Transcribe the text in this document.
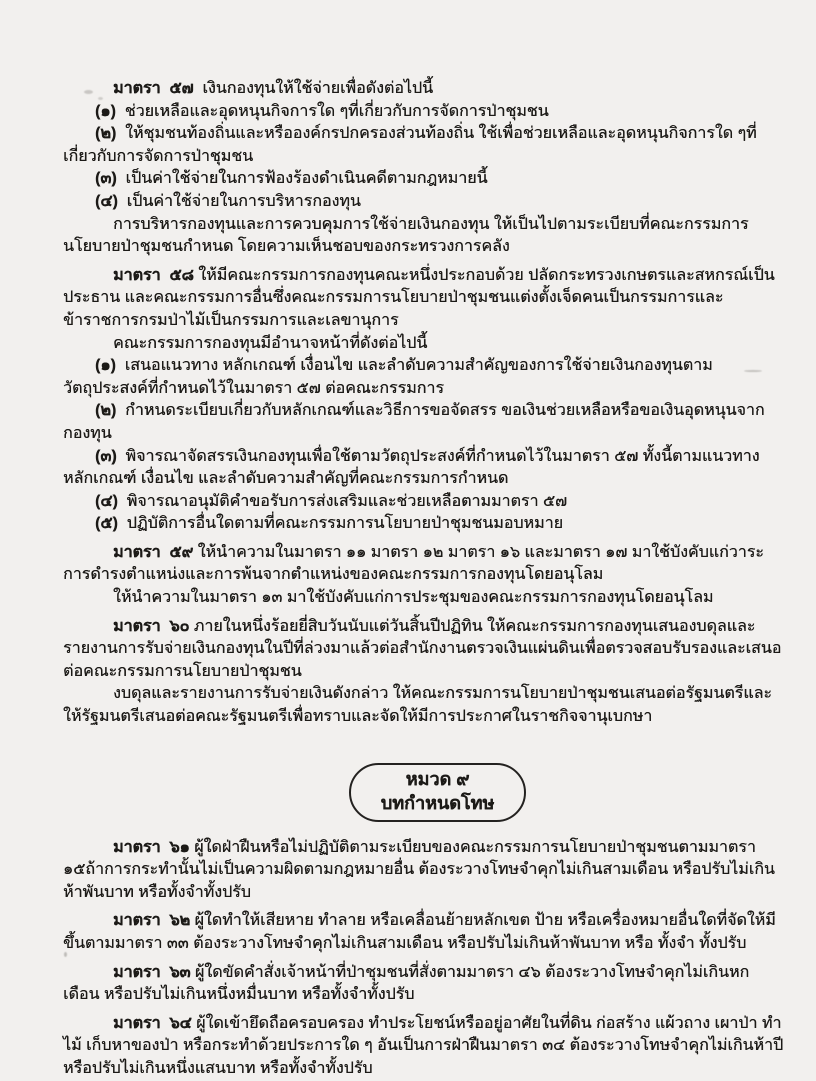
มาตรา  ๕๗  เงินกองทุนให้ใช้จ่ายเพื่อดังต่อไปนี้

(๑)  ช่วยเหลือและอุดหนุนกิจการใด ๆที่เกี่ยวกับการจัดการป่าชุมชน

(๒)  ให้ชุมชนท้องถิ่นและหรือองค์กรปกครองส่วนท้องถิ่น ใช้เพื่อช่วยเหลือและอุดหนุนกิจการใด ๆที่เกี่ยวกับการจัดการป่าชุมชน

(๓)  เป็นค่าใช้จ่ายในการฟ้องร้องดำเนินคดีตามกฎหมายนี้

(๔)  เป็นค่าใช้จ่ายในการบริหารกองทุน

การบริหารกองทุนและการควบคุมการใช้จ่ายเงินกองทุน ให้เป็นไปตามระเบียบที่คณะกรรมการนโยบายป่าชุมชนกำหนด โดยความเห็นชอบของกระทรวงการคลัง

มาตรา  ๕๘ ให้มีคณะกรรมการกองทุนคณะหนึ่งประกอบด้วย ปลัดกระทรวงเกษตรและสหกรณ์เป็นประธาน และคณะกรรมการอื่นซึ่งคณะกรรมการนโยบายป่าชุมชนแต่งตั้งเจ็ดคนเป็นกรรมการและข้าราชการกรมป่าไม้เป็นกรรมการและเลขานุการ

คณะกรรมการกองทุนมีอำนาจหน้าที่ดังต่อไปนี้

(๑)  เสนอแนวทาง หลักเกณฑ์ เงื่อนไข และลำดับความสำคัญของการใช้จ่ายเงินกองทุนตามวัตถุประสงค์ที่กำหนดไว้ในมาตรา ๕๗ ต่อคณะกรรมการ

(๒)  กำหนดระเบียบเกี่ยวกับหลักเกณฑ์และวิธีการขอจัดสรร ขอเงินช่วยเหลือหรือขอเงินอุดหนุนจากกองทุน

(๓)  พิจารณาจัดสรรเงินกองทุนเพื่อใช้ตามวัตถุประสงค์ที่กำหนดไว้ในมาตรา ๕๗ ทั้งนี้ตามแนวทาง หลักเกณฑ์ เงื่อนไข และลำดับความสำคัญที่คณะกรรมการกำหนด

(๔)  พิจารณาอนุมัติคำขอรับการส่งเสริมและช่วยเหลือตามมาตรา ๕๗

(๕)  ปฏิบัติการอื่นใดตามที่คณะกรรมการนโยบายป่าชุมชนมอบหมาย

มาตรา  ๕๙ ให้นำความในมาตรา ๑๑ มาตรา ๑๒ มาตรา ๑๖ และมาตรา ๑๗ มาใช้บังคับแก่วาระการดำรงตำแหน่งและการพ้นจากตำแหน่งของคณะกรรมการกองทุนโดยอนุโลม

ให้นำความในมาตรา ๑๓ มาใช้บังคับแก่การประชุมของคณะกรรมการกองทุนโดยอนุโลม

มาตรา  ๖๐ ภายในหนึ่งร้อยยี่สิบวันนับแต่วันสิ้นปีปฏิทิน ให้คณะกรรมการกองทุนเสนองบดุลและรายงานการรับจ่ายเงินกองทุนในปีที่ล่วงมาแล้วต่อสำนักงานตรวจเงินแผ่นดินเพื่อตรวจสอบรับรองและเสนอต่อคณะกรรมการนโยบายป่าชุมชน

งบดุลและรายงานการรับจ่ายเงินดังกล่าว ให้คณะกรรมการนโยบายป่าชุมชนเสนอต่อรัฐมนตรีและให้รัฐมนตรีเสนอต่อคณะรัฐมนตรีเพื่อทราบและจัดให้มีการประกาศในราชกิจจานุเบกษา

หมวด ๙
บทกำหนดโทษ

มาตรา  ๖๑ ผู้ใดฝ่าฝืนหรือไม่ปฏิบัติตามระเบียบของคณะกรรมการนโยบายป่าชุมชนตามมาตรา ๑๕ถ้าการกระทำนั้นไม่เป็นความผิดตามกฎหมายอื่น ต้องระวางโทษจำคุกไม่เกินสามเดือน หรือปรับไม่เกินห้าพันบาท หรือทั้งจำทั้งปรับ

มาตรา  ๖๒ ผู้ใดทำให้เสียหาย ทำลาย หรือเคลื่อนย้ายหลักเขต ป้าย หรือเครื่องหมายอื่นใดที่จัดให้มีขึ้นตามมาตรา ๓๓ ต้องระวางโทษจำคุกไม่เกินสามเดือน หรือปรับไม่เกินห้าพันบาท หรือ ทั้งจำ ทั้งปรับ

มาตรา  ๖๓ ผู้ใดขัดคำสั่งเจ้าหน้าที่ป่าชุมชนที่สั่งตามมาตรา ๔๖ ต้องระวางโทษจำคุกไม่เกินหกเดือน หรือปรับไม่เกินหนึ่งหมื่นบาท หรือทั้งจำทั้งปรับ

มาตรา  ๖๔ ผู้ใดเข้ายึดถือครอบครอง ทำประโยชน์หรืออยู่อาศัยในที่ดิน ก่อสร้าง แผ้วถาง เผาป่า ทำไม้ เก็บหาของป่า หรือกระทำด้วยประการใด ๆ อันเป็นการฝ่าฝืนมาตรา ๓๔ ต้องระวางโทษจำคุกไม่เกินห้าปี หรือปรับไม่เกินหนึ่งแสนบาท หรือทั้งจำทั้งปรับ
